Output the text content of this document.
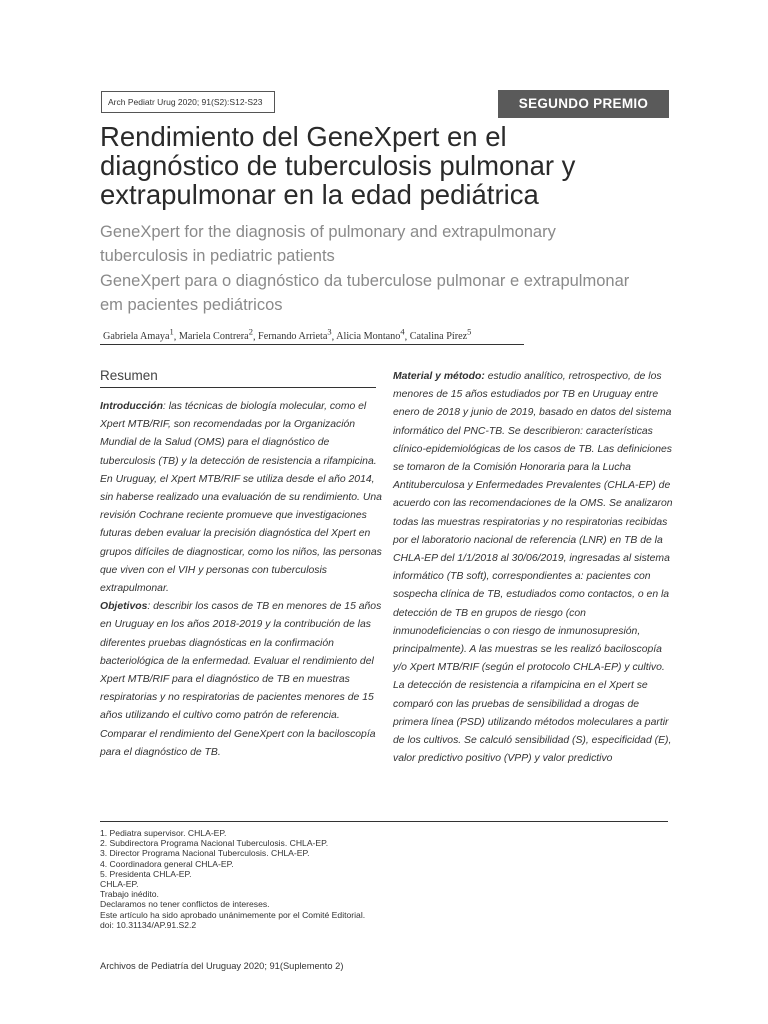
Arch Pediatr Urug 2020; 91(S2):S12-S23	SEGUNDO PREMIO
Rendimiento del GeneXpert en el
diagnóstico de tuberculosis pulmonar y
extrapulmonar en la edad pediátrica

GeneXpert for the diagnosis of pulmonary and extrapulmonary
tuberculosis in pediatric patients

GeneXpert para o diagnóstico da tuberculose pulmonar e extrapulmonar
em pacientes pediátricos

Gabriela Amaya$^1$, Mariela Contrera$^2$, Fernando Arrieta$^3$, Alicia Montano$^4$, Catalina Pírez$^5$
Resumen

Introducción: las técnicas de biología molecular, como el Xpert MTB/RIF, son recomendadas por la Organización Mundial de la Salud (OMS) para el diagnóstico de tuberculosis (TB) y la detección de resistencia a rifampicina. En Uruguay, el Xpert MTB/RIF se utiliza desde el año 2014, sin haberse realizado una evaluación de su rendimiento. Una revisión Cochrane reciente promueve que investigaciones futuras deben evaluar la precisión diagnóstica del Xpert en grupos difíciles de diagnosticar, como los niños, las personas que viven con el VIH y personas con tuberculosis extrapulmonar.

Objetivos: describir los casos de TB en menores de 15 años en Uruguay en los años 2018-2019 y la contribución de las diferentes pruebas diagnósticas en la confirmación bacteriológica de la enfermedad. Evaluar el rendimiento del Xpert MTB/RIF para el diagnóstico de TB en muestras respiratorias y no respiratorias de pacientes menores de 15 años utilizando el cultivo como patrón de referencia. Comparar el rendimiento del GeneXpert con la baciloscopía para el diagnóstico de TB.

Material y método: estudio analítico, retrospectivo, de los menores de 15 años estudiados por TB en Uruguay entre enero de 2018 y junio de 2019, basado en datos del sistema informático del PNC-TB. Se describieron: características clínico-epidemiológicas de los casos de TB. Las definiciones se tomaron de la Comisión Honoraria para la Lucha Antituberculosa y Enfermedades Prevalentes (CHLA-EP) de acuerdo con las recomendaciones de la OMS. Se analizaron todas las muestras respiratorias y no respiratorias recibidas por el laboratorio nacional de referencia (LNR) en TB de la CHLA-EP del 1/1/2018 al 30/06/2019, ingresadas al sistema informático (TB soft), correspondientes a: pacientes con sospecha clínica de TB, estudiados como contactos, o en la detección de TB en grupos de riesgo (con inmunodeficiencias o con riesgo de inmunosupresión, principalmente). A las muestras se les realizó baciloscopía y/o Xpert MTB/RIF (según el protocolo CHLA-EP) y cultivo. La detección de resistencia a rifampicina en el Xpert se comparó con las pruebas de sensibilidad a drogas de primera línea (PSD) utilizando métodos moleculares a partir de los cultivos. Se calculó sensibilidad (S), especificidad (E), valor predictivo positivo (VPP) y valor predictivo

1. Pediatra supervisor. CHLA-EP.
2. Subdirectora Programa Nacional Tuberculosis. CHLA-EP.
3. Director Programa Nacional Tuberculosis. CHLA-EP.
4. Coordinadora general CHLA-EP.
5. Presidenta CHLA-EP.
CHLA-EP.
Trabajo inédito.
Declaramos no tener conflictos de intereses.
Este artículo ha sido aprobado unánimemente por el Comité Editorial.
doi: 10.31134/AP.91.S2.2
Archivos de Pediatría del Uruguay 2020; 91(Suplemento 2)
